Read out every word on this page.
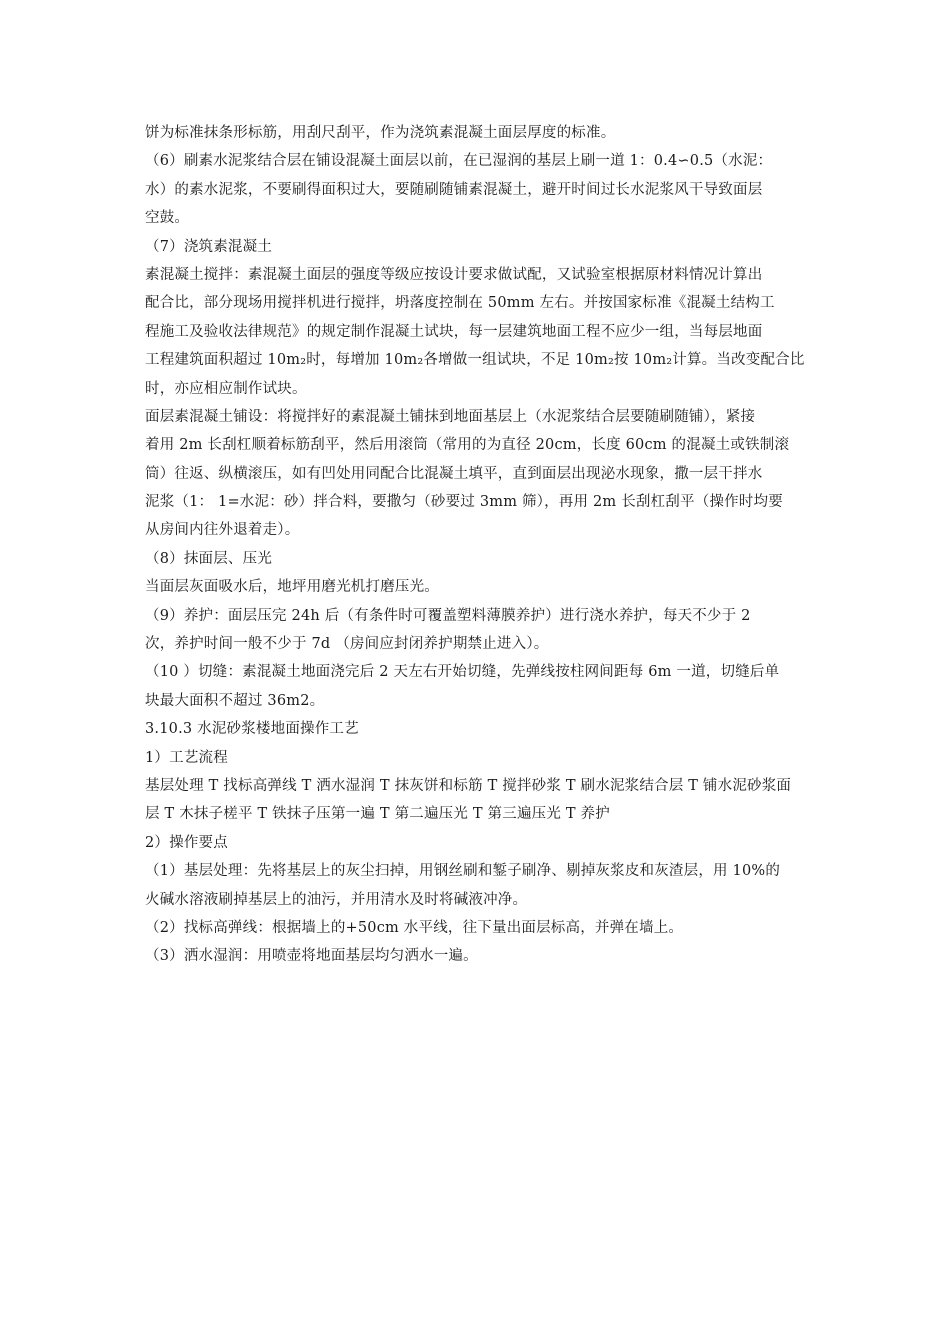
饼为标准抹条形标筋，用刮尺刮平，作为浇筑素混凝土面层厚度的标准。
（6）刷素水泥浆结合层在铺设混凝土面层以前，在已湿润的基层上刷一道 1：0.4∽0.5（水泥：
水）的素水泥浆，不要刷得面积过大，要随刷随铺素混凝土，避开时间过长水泥浆风干导致面层
空鼓。
（7）浇筑素混凝土
素混凝土搅拌：素混凝土面层的强度等级应按设计要求做试配，又试验室根据原材料情况计算出
配合比，部分现场用搅拌机进行搅拌，坍落度控制在 50mm 左右。并按国家标准《混凝土结构工
程施工及验收法律规范》的规定制作混凝土试块，每一层建筑地面工程不应少一组，当每层地面
工程建筑面积超过 10m₂时，每增加 10m₂各增做一组试块，不足 10m₂按 10m₂计算。当改变配合比
时，亦应相应制作试块。
面层素混凝土铺设：将搅拌好的素混凝土铺抹到地面基层上（水泥浆结合层要随刷随铺），紧接
着用 2m 长刮杠顺着标筋刮平，然后用滚筒（常用的为直径 20cm，长度 60cm 的混凝土或铁制滚
筒）往返、纵横滚压，如有凹处用同配合比混凝土填平，直到面层出现泌水现象，撒一层干拌水
泥浆（1： 1=水泥：砂）拌合料，要撒匀（砂要过 3mm 筛），再用 2m 长刮杠刮平（操作时均要
从房间内往外退着走）。
（8）抹面层、压光
当面层灰面吸水后，地坪用磨光机打磨压光。
（9）养护：面层压完 24h 后（有条件时可覆盖塑料薄膜养护）进行浇水养护，每天不少于 2
次，养护时间一般不少于 7d （房间应封闭养护期禁止进入）。
（10 ）切缝：素混凝土地面浇完后 2 天左右开始切缝，先弹线按柱网间距每 6m 一道，切缝后单
块最大面积不超过 36m2。
3.10.3 水泥砂浆楼地面操作工艺
1）工艺流程
基层处理 T 找标高弹线 T 洒水湿润 T 抹灰饼和标筋 T 搅拌砂浆 T 刷水泥浆结合层 T 铺水泥砂浆面
层 T 木抹子槎平 T 铁抹子压第一遍 T 第二遍压光 T 第三遍压光 T 养护
2）操作要点
（1）基层处理：先将基层上的灰尘扫掉，用钢丝刷和錾子刷净、剔掉灰浆皮和灰渣层，用 10%的
火碱水溶液刷掉基层上的油污，并用清水及时将碱液冲净。
（2）找标高弹线：根据墙上的+50cm 水平线，往下量出面层标高，并弹在墙上。
（3）洒水湿润：用喷壶将地面基层均匀洒水一遍。
